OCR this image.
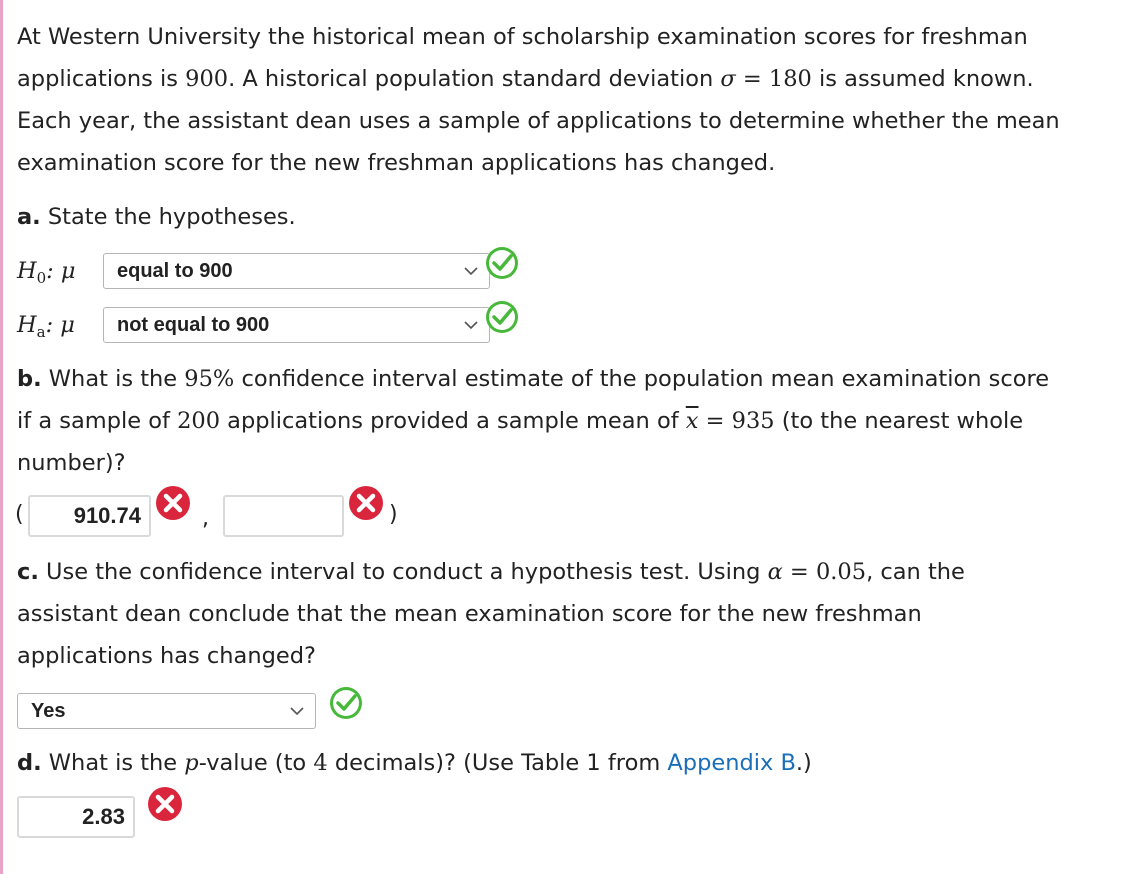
At Western University the historical mean of scholarship examination scores for freshman
applications is 900. A historical population standard deviation σ = 180 is assumed known.
Each year, the assistant dean uses a sample of applications to determine whether the mean
examination score for the new freshman applications has changed.
a. State the hypotheses.
$H_0$: μ equal to 900
$H_a$: μ not equal to 900
b. What is the 95% confidence interval estimate of the population mean examination score
if a sample of 200 applications provided a sample mean of $\overline{x} = 935$ (to the nearest whole
number)?
( 910.74	,	)
c. Use the confidence interval to conduct a hypothesis test. Using α = 0.05, can the
assistant dean conclude that the mean examination score for the new freshman
applications has changed?
Yes
d. What is the p-value (to 4 decimals)? (Use Table 1 from Appendix B.)
2.83
